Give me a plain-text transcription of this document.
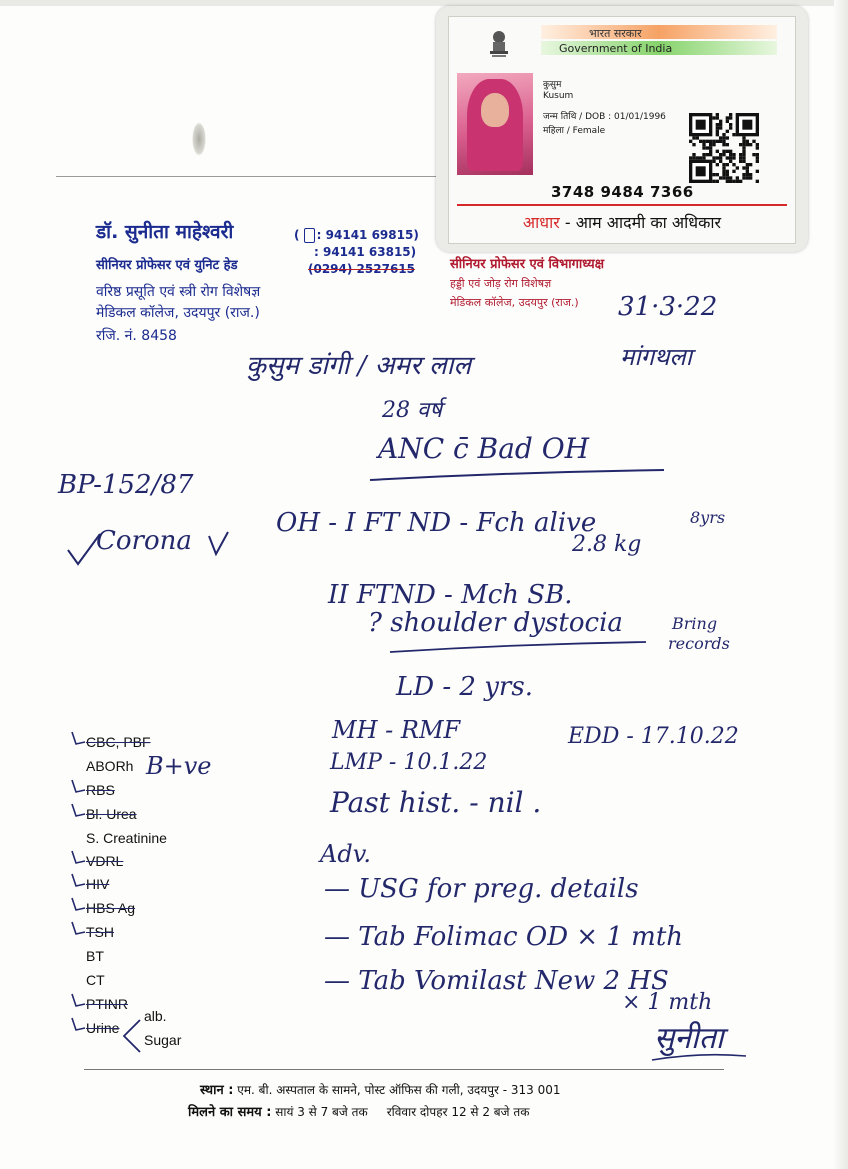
डॉ. सुनीता माहेश्वरी	( : 94141 69815)
: 94141 63815)
(0294) 2527615
सीनियर प्रोफेसर एवं युनिट हेड
वरिष्ठ प्रसूति एवं स्त्री रोग विशेषज्ञ
मेडिकल कॉलेज, उदयपुर (राज.)
रजि. नं. 8458
सीनियर प्रोफेसर एवं विभागाध्यक्ष
हड्डी एवं जोड़ रोग विशेषज्ञ
मेडिकल कॉलेज, उदयपुर (राज.)
भारत सरकार
Government of India
कुसुम
Kusum
जन्म तिथि / DOB : 01/01/1996
महिला / Female
3748 9484 7366
आधार - आम आदमी का अधिकार
31·3·22
कुसुम डांगी / अमर लाल	मांगथला
28 वर्ष
ANC c̄ Bad OH
BP-152/87
Corona
OH - I FT ND - Fch alive
2.8 kg
8yrs
II FTND - Mch SB.
? shoulder dystocia	Bring
records
LD - 2 yrs.
MH - RMF
LMP - 10.1.22
EDD - 17.10.22
Past hist. - nil .
Adv.
— USG for preg. details
— Tab Folimac OD × 1 mth
— Tab Vomilast New 2 HS
× 1 mth
सुनीता
CBC, PBF
ABORh
RBS
Bl. Urea
S. Creatinine
VDRL
HIV
HBS Ag
TSH
BT
CT
PTINR
Urine
B+ve
alb.
Sugar
स्थान : एम. बी. अस्पताल के सामने, पोस्ट ऑफिस की गली, उदयपुर - 313 001
मिलने का समय : सायं 3 से 7 बजे तक     रविवार दोपहर 12 से 2 बजे तक
